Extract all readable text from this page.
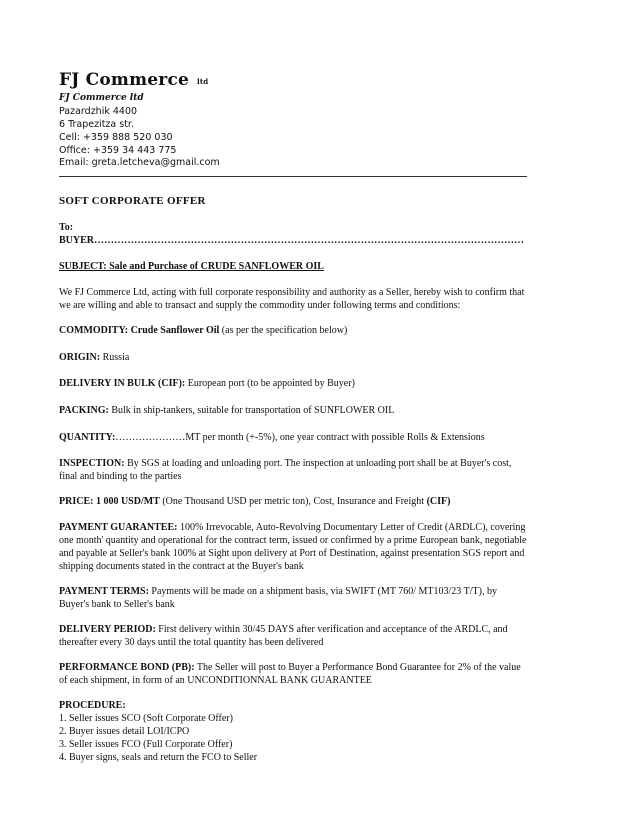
FJ Commerce ltd
FJ Commerce ltd
Pazardzhik 4400
6 Trapezitza str.
Cell: +359 888 520 030
Office: +359 34 443 775
Email: greta.letcheva@gmail.com
SOFT CORPORATE OFFER
To:
BUYER…………………………………………………………………………………………………………………
SUBJECT: Sale and Purchase of CRUDE SANFLOWER OIL
We FJ Commerce Ltd, acting with full corporate responsibility and authority as a Seller, hereby wish to confirm that
we are willing and able to transact and supply the commodity under following terms and conditions:
COMMODITY: Crude Sanflower Oil (as per the specification below)
ORIGIN: Russia
DELIVERY IN BULK (CIF): European port (to be appointed by Buyer)
PACKING: Bulk in ship-tankers, suitable for transportation of SUNFLOWER OIL
QUANTITY:…………………MT per month (+-5%), one year contract with possible Rolls & Extensions
INSPECTION: By SGS at loading and unloading port. The inspection at unloading port shall be at Buyer's cost,
final and binding to the parties
PRICE: 1 000 USD/MT (One Thousand USD per metric ton), Cost, Insurance and Freight (CIF)
PAYMENT GUARANTEE: 100% Irrevocable, Auto-Revolving Documentary Letter of Credit (ARDLC), covering
one month' quantity and operational for the contract term, issued or confirmed by a prime European bank, negotiable
and payable at Seller's bank 100% at Sight upon delivery at Port of Destination, against presentation SGS report and
shipping documents stated in the contract at the Buyer's bank
PAYMENT TERMS: Payments will be made on a shipment basis, via SWIFT (MT 760/ MT103/23 T/T), by
Buyer's bank to Seller's bank
DELIVERY PERIOD: First delivery within 30/45 DAYS after verification and acceptance of the ARDLC, and
thereafter every 30 days until the total quantity has been delivered
PERFORMANCE BOND (PB): The Seller will post to Buyer a Performance Bond Guarantee for 2% of the value
of each shipment, in form of an UNCONDITIONNAL BANK GUARANTEE
PROCEDURE:
1. Seller issues SCO (Soft Corporate Offer)
2. Buyer issues detail LOI/ICPO
3. Seller issues FCO (Full Corporate Offer)
4. Buyer signs, seals and return the FCO to Seller
